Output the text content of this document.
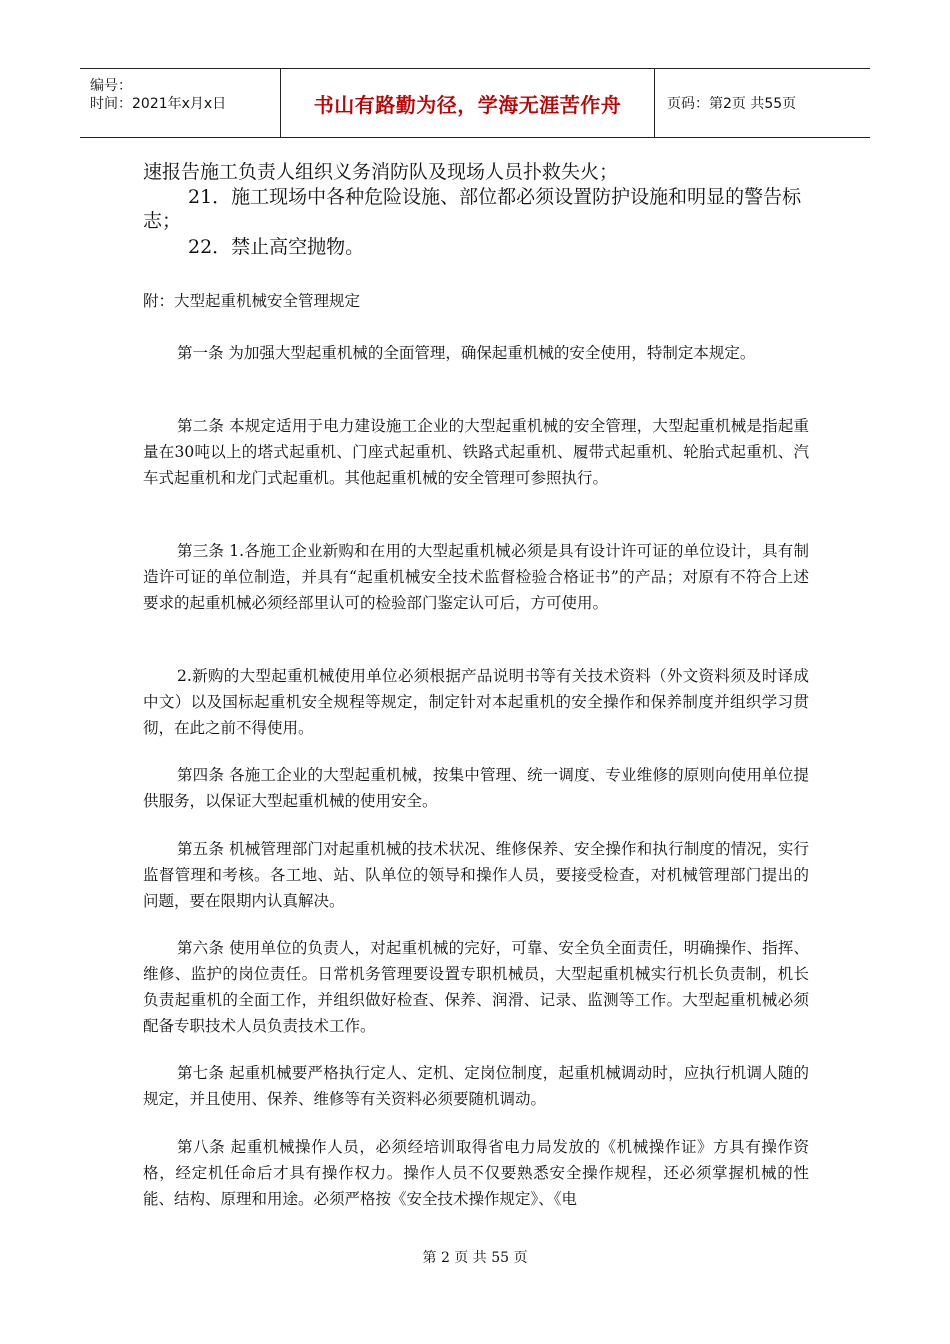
编号：
时间：2021年x月x日	书山有路勤为径，学海无涯苦作舟	页码：第2页 共55页
速报告施工负责人组织义务消防队及现场人员扑救失火；
21．施工现场中各种危险设施、部位都必须设置防护设施和明显的警告标志；
22．禁止高空抛物。
附：大型起重机械安全管理规定
第一条 为加强大型起重机械的全面管理，确保起重机械的安全使用，特制定本规定。
第二条 本规定适用于电力建设施工企业的大型起重机械的安全管理，大型起重机械是指起重量在30吨以上的塔式起重机、门座式起重机、铁路式起重机、履带式起重机、轮胎式起重机、汽车式起重机和龙门式起重机。其他起重机械的安全管理可参照执行。
第三条 1.各施工企业新购和在用的大型起重机械必须是具有设计许可证的单位设计，具有制造许可证的单位制造，并具有“起重机械安全技术监督检验合格证书”的产品；对原有不符合上述要求的起重机械必须经部里认可的检验部门鉴定认可后，方可使用。
2.新购的大型起重机械使用单位必须根据产品说明书等有关技术资料（外文资料须及时译成中文）以及国标起重机安全规程等规定，制定针对本起重机的安全操作和保养制度并组织学习贯彻，在此之前不得使用。
第四条 各施工企业的大型起重机械，按集中管理、统一调度、专业维修的原则向使用单位提供服务，以保证大型起重机械的使用安全。
第五条 机械管理部门对起重机械的技术状况、维修保养、安全操作和执行制度的情况，实行监督管理和考核。各工地、站、队单位的领导和操作人员，要接受检查，对机械管理部门提出的问题，要在限期内认真解决。
第六条 使用单位的负责人，对起重机械的完好，可靠、安全负全面责任，明确操作、指挥、维修、监护的岗位责任。日常机务管理要设置专职机械员，大型起重机械实行机长负责制，机长负责起重机的全面工作，并组织做好检查、保养、润滑、记录、监测等工作。大型起重机械必须配备专职技术人员负责技术工作。
第七条 起重机械要严格执行定人、定机、定岗位制度，起重机械调动时，应执行机调人随的规定，并且使用、保养、维修等有关资料必须要随机调动。
第八条 起重机械操作人员，必须经培训取得省电力局发放的《机械操作证》方具有操作资格，经定机任命后才具有操作权力。操作人员不仅要熟悉安全操作规程，还必须掌握机械的性能、结构、原理和用途。必须严格按《安全技术操作规定》、《电
第 2 页 共 55 页
